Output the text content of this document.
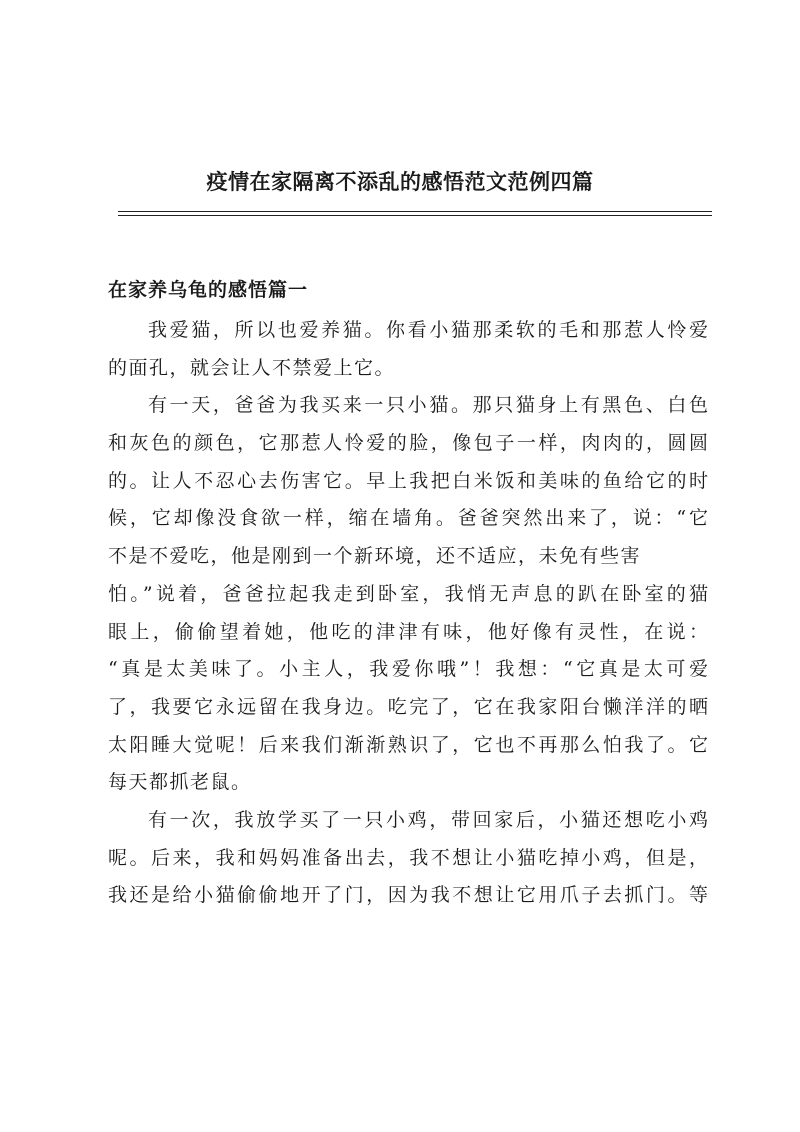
疫情在家隔离不添乱的感悟范文范例四篇
在家养乌龟的感悟篇一
我爱猫，所以也爱养猫。你看小猫那柔软的毛和那惹人怜爱
的面孔，就会让人不禁爱上它。
有一天，爸爸为我买来一只小猫。那只猫身上有黑色、白色
和灰色的颜色，它那惹人怜爱的脸，像包子一样，肉肉的，圆圆
的。让人不忍心去伤害它。早上我把白米饭和美味的鱼给它的时
候，它却像没食欲一样，缩在墙角。爸爸突然出来了，说：“它
不是不爱吃，他是刚到一个新环境，还不适应，未免有些害
怕。”说着，爸爸拉起我走到卧室，我悄无声息的趴在卧室的猫
眼上，偷偷望着她，他吃的津津有味，他好像有灵性，在说：
“真是太美味了。小主人，我爱你哦”！我想：“它真是太可爱
了，我要它永远留在我身边。吃完了，它在我家阳台懒洋洋的晒
太阳睡大觉呢！后来我们渐渐熟识了，它也不再那么怕我了。它
每天都抓老鼠。
有一次，我放学买了一只小鸡，带回家后，小猫还想吃小鸡
呢。后来，我和妈妈准备出去，我不想让小猫吃掉小鸡，但是，
我还是给小猫偷偷地开了门，因为我不想让它用爪子去抓门。等
